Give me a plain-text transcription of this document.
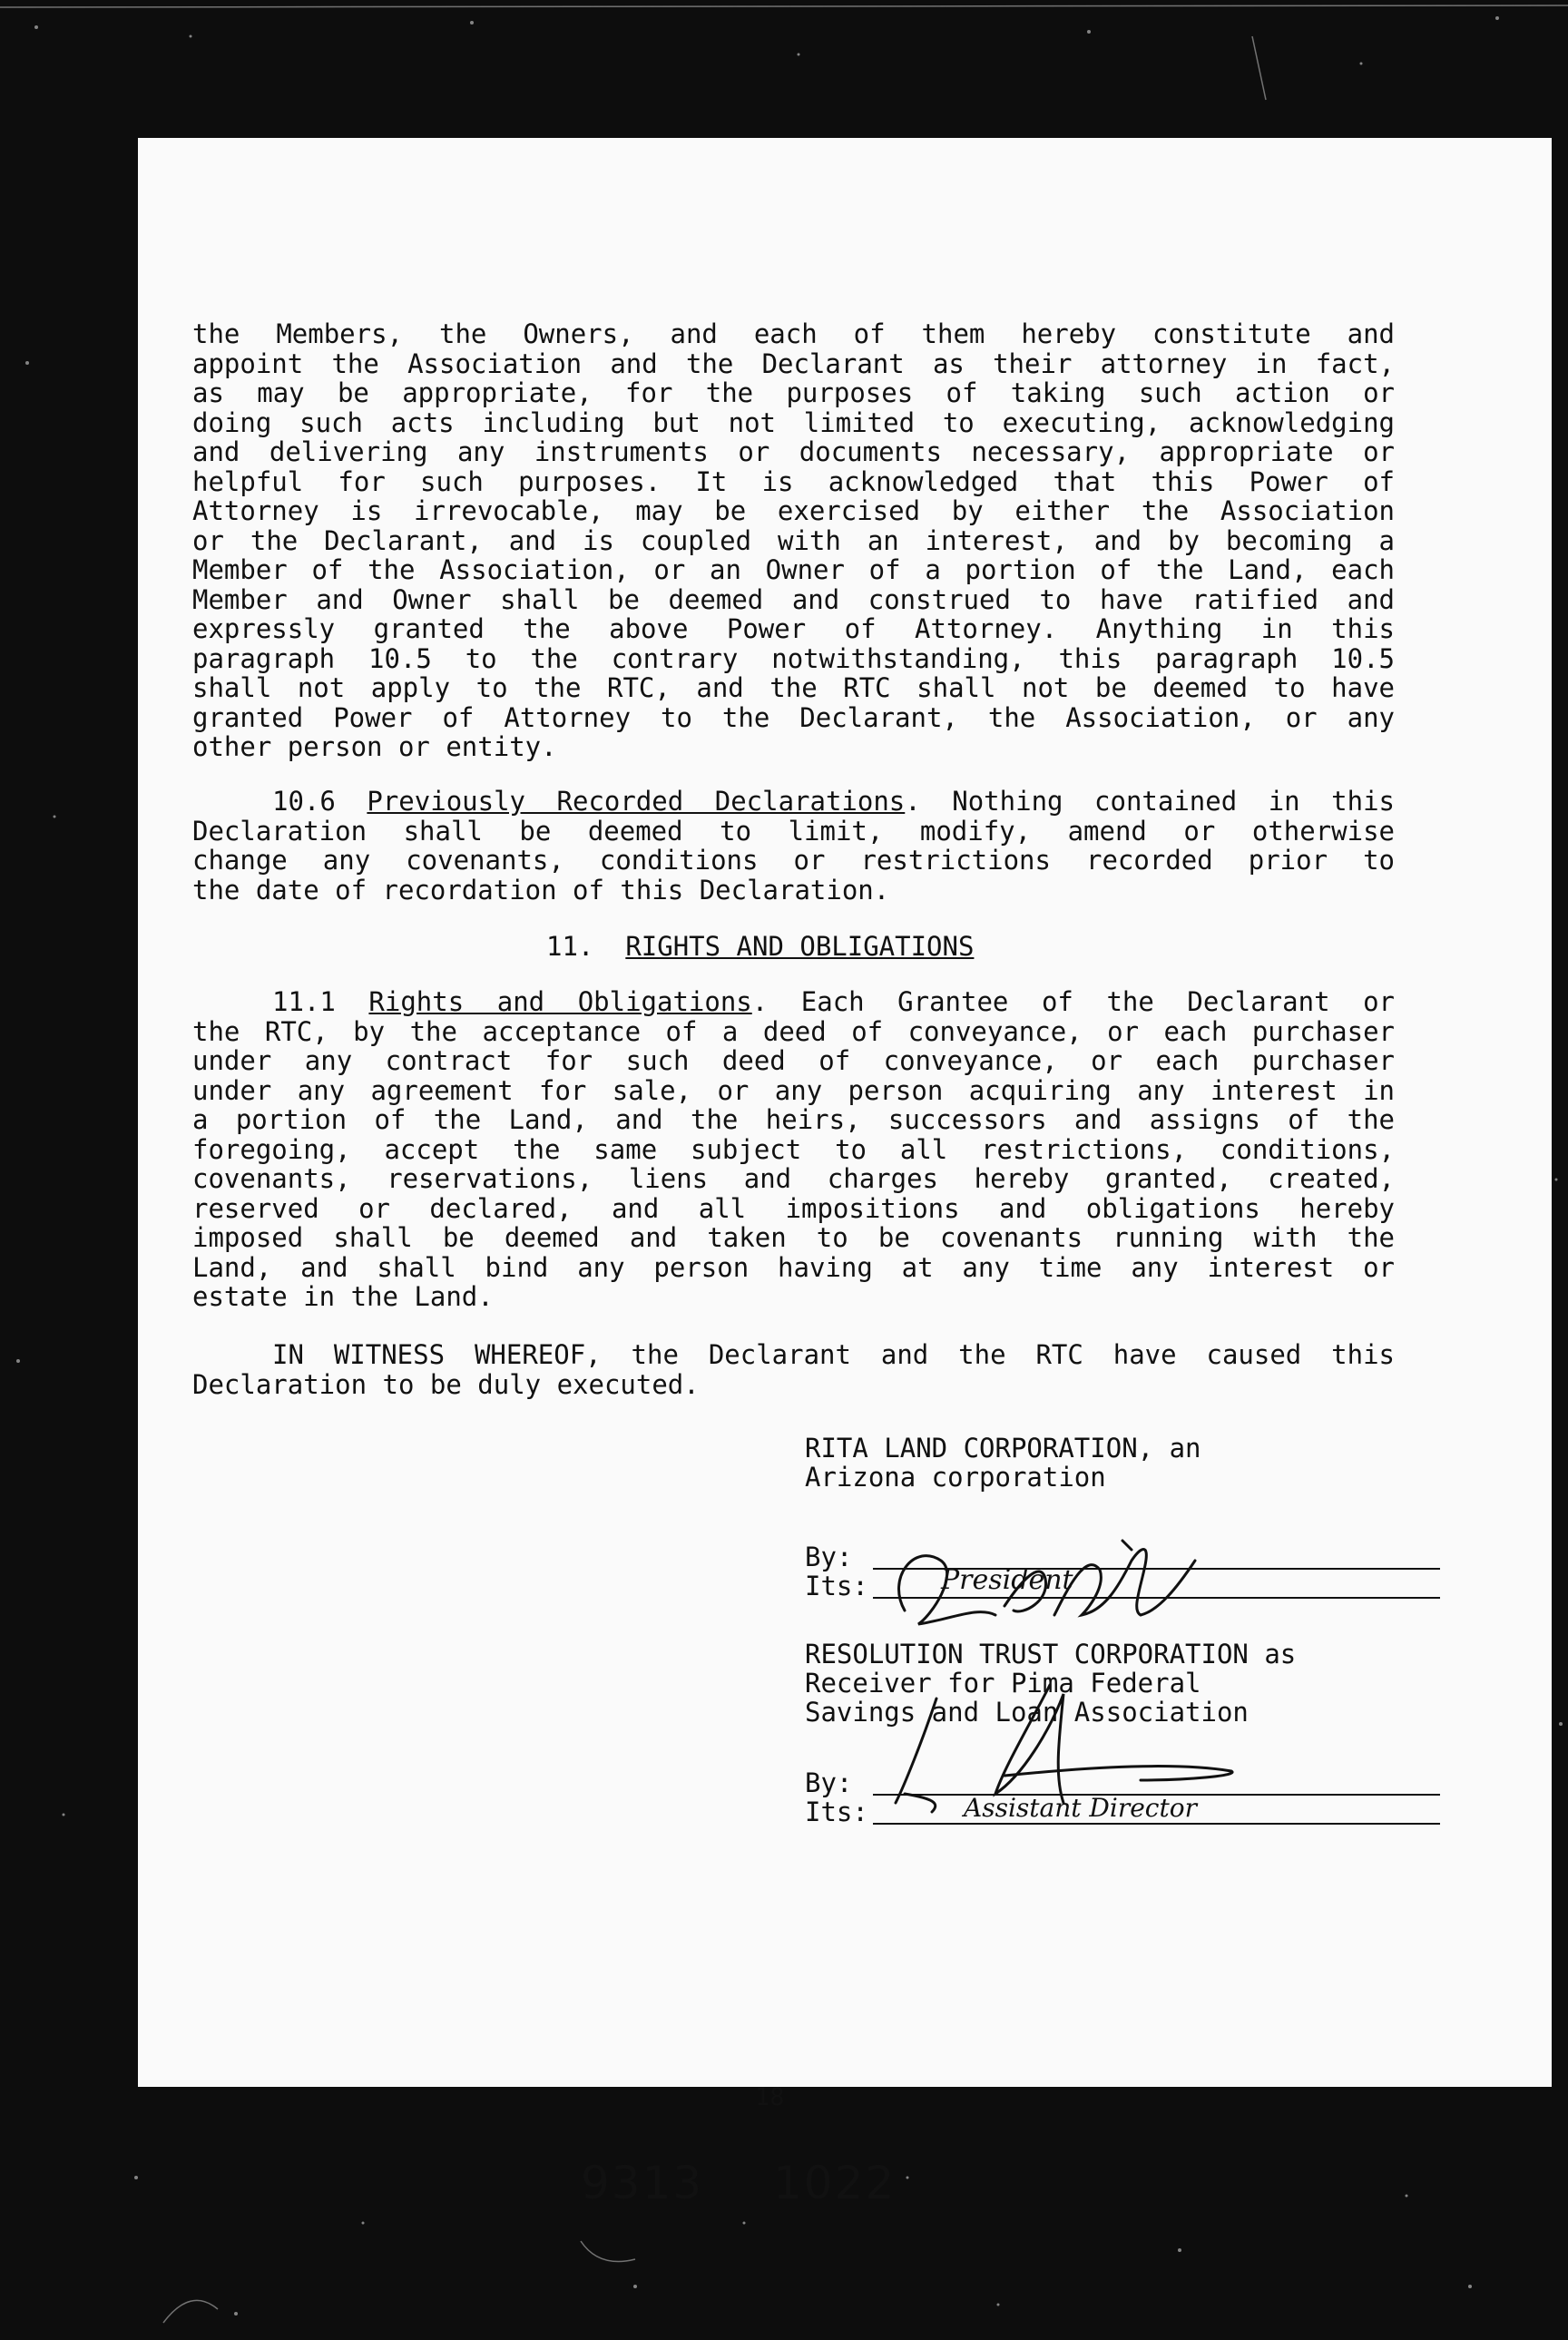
the Members, the Owners, and each of them hereby constitute and
appoint the Association and the Declarant as their attorney in fact,
as may be appropriate, for the purposes of taking such action or
doing such acts including but not limited to executing, acknowledging
and delivering any instruments or documents necessary, appropriate or
helpful for such purposes. It is acknowledged that this Power of
Attorney is irrevocable, may be exercised by either the Association
or the Declarant, and is coupled with an interest, and by becoming a
Member of the Association, or an Owner of a portion of the Land, each
Member and Owner shall be deemed and construed to have ratified and
expressly granted the above Power of Attorney. Anything in this
paragraph 10.5 to the contrary notwithstanding, this paragraph 10.5
shall not apply to the RTC, and the RTC shall not be deemed to have
granted Power of Attorney to the Declarant, the Association, or any
other person or entity.
10.6 Previously Recorded Declarations. Nothing contained in this
Declaration shall be deemed to limit, modify, amend or otherwise
change any covenants, conditions or restrictions recorded prior to
the date of recordation of this Declaration.
11. RIGHTS AND OBLIGATIONS
11.1 Rights and Obligations. Each Grantee of the Declarant or
the RTC, by the acceptance of a deed of conveyance, or each purchaser
under any contract for such deed of conveyance, or each purchaser
under any agreement for sale, or any person acquiring any interest in
a portion of the Land, and the heirs, successors and assigns of the
foregoing, accept the same subject to all restrictions, conditions,
covenants, reservations, liens and charges hereby granted, created,
reserved or declared, and all impositions and obligations hereby
imposed shall be deemed and taken to be covenants running with the
Land, and shall bind any person having at any time any interest or
estate in the Land.
IN WITNESS WHEREOF, the Declarant and the RTC have caused this
Declaration to be duly executed.
RITA LAND CORPORATION, an
Arizona corporation
By:
Its:	President
RESOLUTION TRUST CORPORATION as
Receiver for Pima Federal
Savings and Loan Association
By:
Its:	Assistant Director
18
9313 1022
